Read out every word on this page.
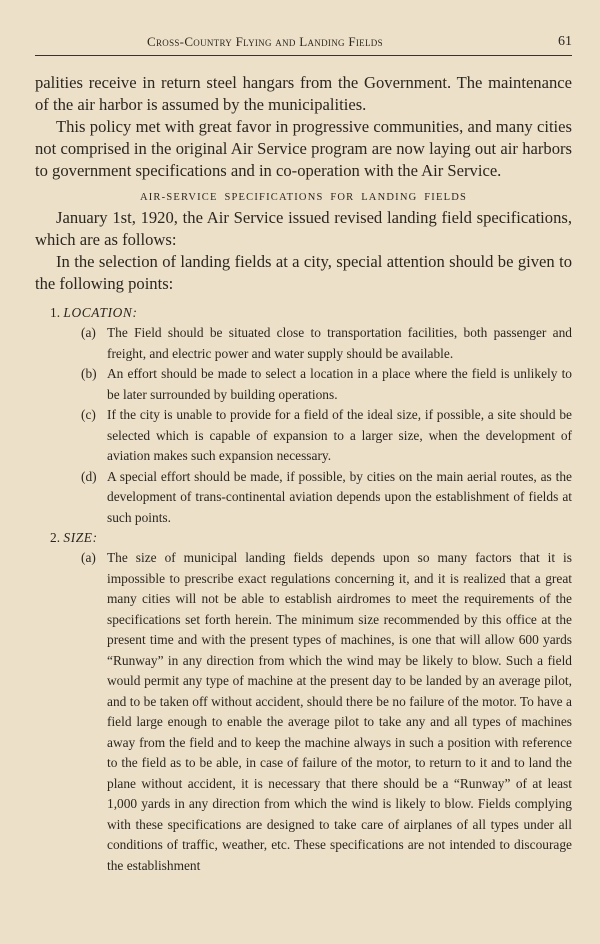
Cross-Country Flying and Landing Fields	61

palities receive in return steel hangars from the Government. The maintenance of the air harbor is assumed by the municipalities.

This policy met with great favor in progressive communities, and many cities not comprised in the original Air Service program are now laying out air harbors to government specifications and in co-operation with the Air Service.

AIR-SERVICE SPECIFICATIONS FOR LANDING FIELDS

January 1st, 1920, the Air Service issued revised landing field specifications, which are as follows:

In the selection of landing fields at a city, special attention should be given to the following points:

1. LOCATION:
(a) The Field should be situated close to transportation facilities, both passenger and freight, and electric power and water supply should be available.
(b) An effort should be made to select a location in a place where the field is unlikely to be later surrounded by building operations.
(c) If the city is unable to provide for a field of the ideal size, if possible, a site should be selected which is capable of expansion to a larger size, when the development of aviation makes such expansion necessary.
(d) A special effort should be made, if possible, by cities on the main aerial routes, as the development of trans-continental aviation depends upon the establishment of fields at such points.
2. SIZE:
(a) The size of municipal landing fields depends upon so many factors that it is impossible to prescribe exact regulations concerning it, and it is realized that a great many cities will not be able to establish airdromes to meet the requirements of the specifications set forth herein. The minimum size recommended by this office at the present time and with the present types of machines, is one that will allow 600 yards “Runway” in any direction from which the wind may be likely to blow. Such a field would permit any type of machine at the present day to be landed by an average pilot, and to be taken off without accident, should there be no failure of the motor. To have a field large enough to enable the average pilot to take any and all types of machines away from the field and to keep the machine always in such a position with reference to the field as to be able, in case of failure of the motor, to return to it and to land the plane without accident, it is necessary that there should be a “Runway” of at least 1,000 yards in any direction from which the wind is likely to blow. Fields complying with these specifications are designed to take care of airplanes of all types under all conditions of traffic, weather, etc. These specifications are not intended to discourage the establishment
